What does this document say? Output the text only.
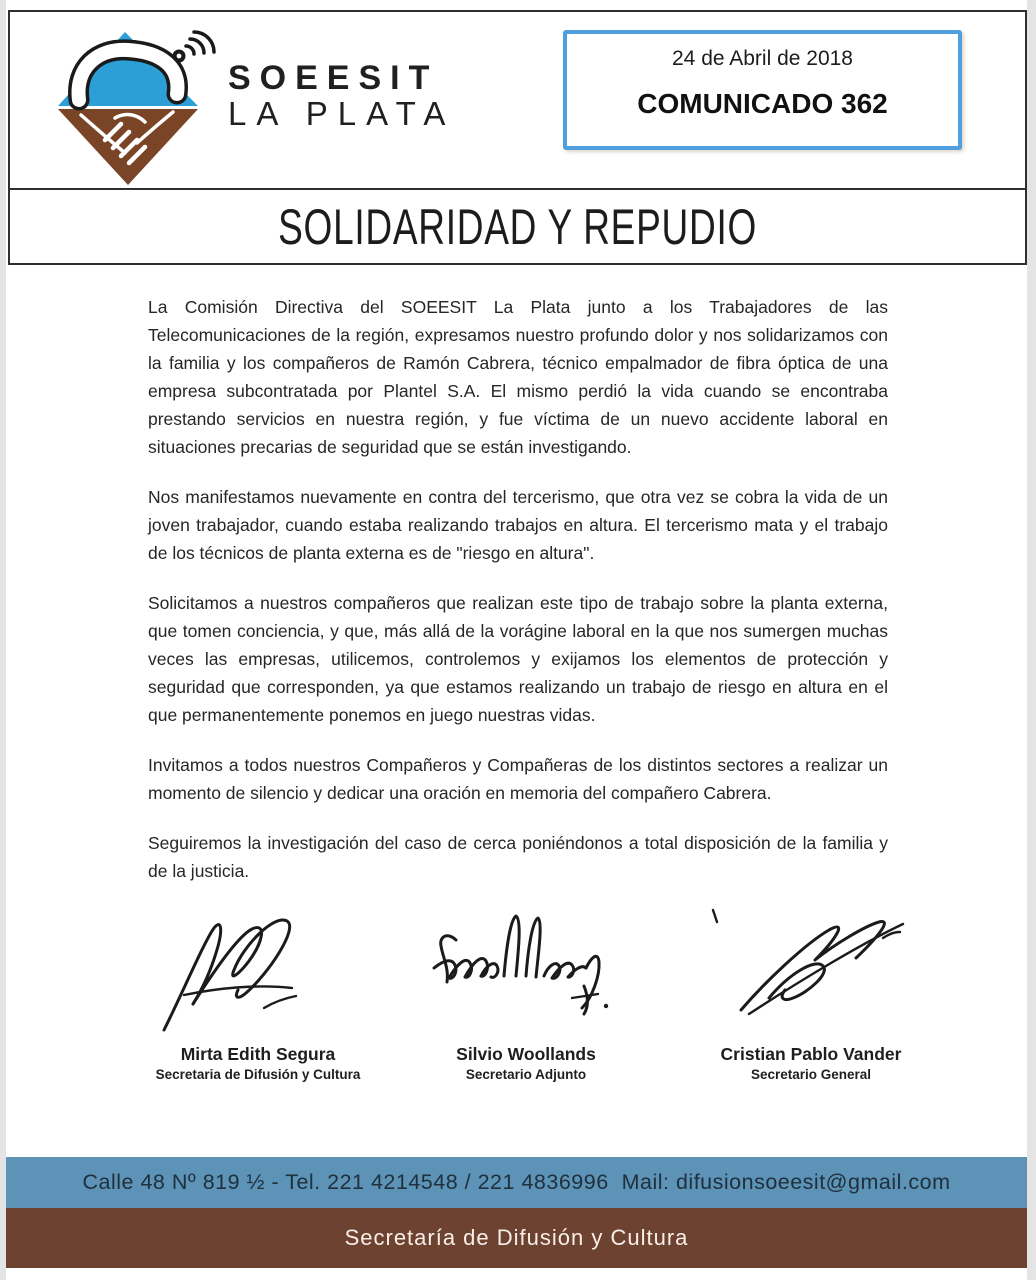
SOEESIT
LA PLATA
24 de Abril de 2018
COMUNICADO 362
SOLIDARIDAD Y REPUDIO

La Comisión Directiva del SOEESIT La Plata junto a los Trabajadores de las Telecomunicaciones de la región, expresamos nuestro profundo dolor y nos solidarizamos con la familia y los compañeros de Ramón Cabrera, técnico empalmador de fibra óptica de una empresa subcontratada por Plantel S.A. El mismo perdió la vida cuando se encontraba prestando servicios en nuestra región, y fue víctima de un nuevo accidente laboral en situaciones precarias de seguridad que se están investigando.

Nos manifestamos nuevamente en contra del tercerismo, que otra vez se cobra la vida de un joven trabajador, cuando estaba realizando trabajos en altura. El tercerismo mata y el trabajo de los técnicos de planta externa es de "riesgo en altura".

Solicitamos a nuestros compañeros que realizan este tipo de trabajo sobre la planta externa, que tomen conciencia, y que, más allá de la vorágine laboral en la que nos sumergen muchas veces las empresas, utilicemos, controlemos y exijamos los elementos de protección y seguridad que corresponden, ya que estamos realizando un trabajo de riesgo en altura en el que permanentemente ponemos en juego nuestras vidas.

Invitamos a todos nuestros Compañeros y Compañeras de los distintos sectores a realizar un momento de silencio y dedicar una oración en memoria del compañero Cabrera.

Seguiremos la investigación del caso de cerca poniéndonos a total disposición de la familia y de la justicia.

Mirta Edith Segura
Secretaria de Difusión y Cultura
Silvio Woollands
Secretario Adjunto
Cristian Pablo Vander
Secretario General
Calle 48 Nº 819 ½ - Tel. 221 4214548 / 221 4836996  Mail: difusionsoeesit@gmail.com
Secretaría de Difusión y Cultura
